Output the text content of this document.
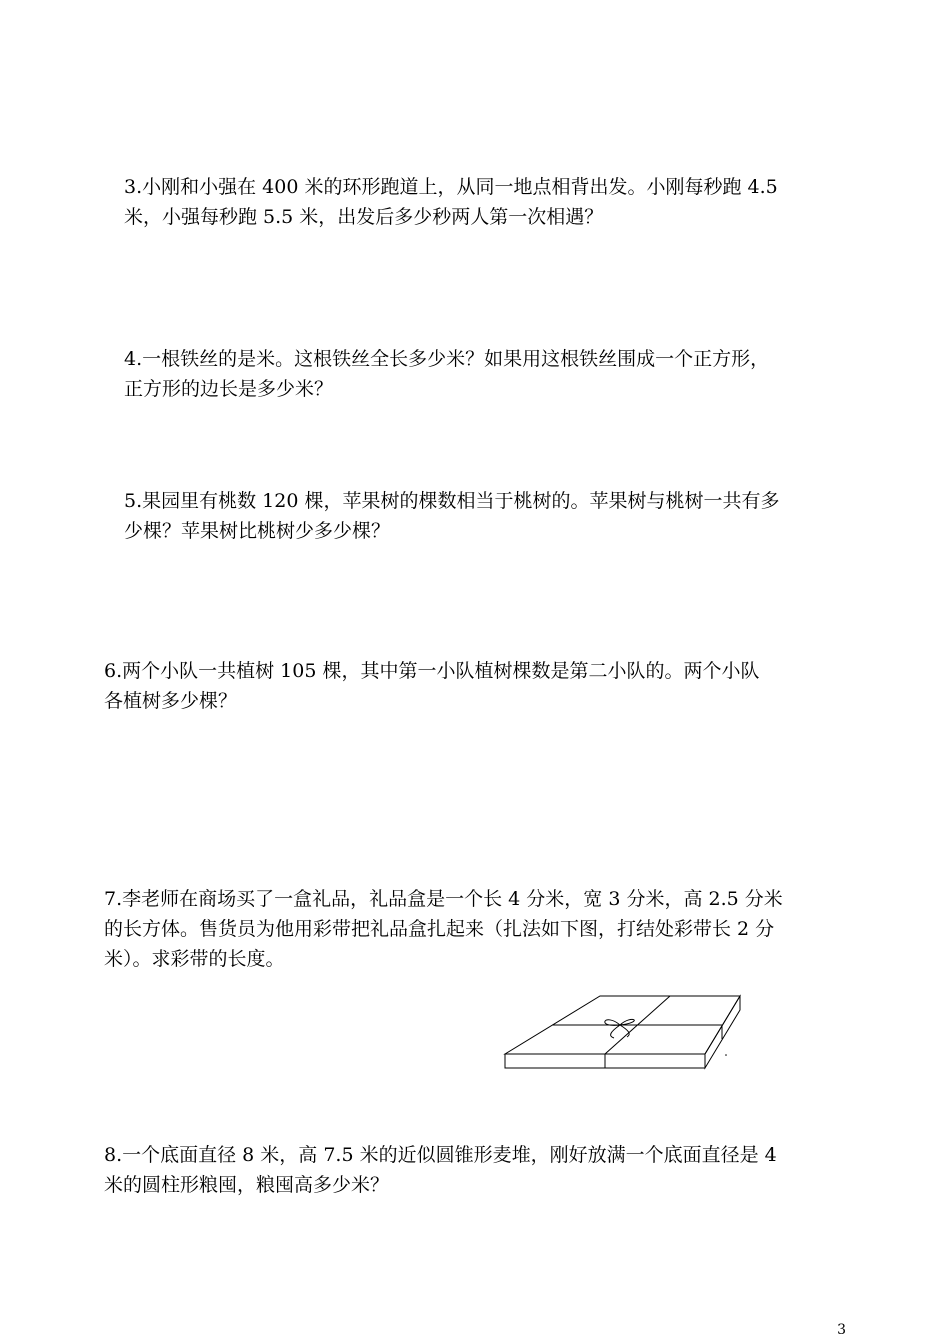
3.小刚和小强在 400 米的环形跑道上，从同一地点相背出发。小刚每秒跑 4.5
米，小强每秒跑 5.5 米，出发后多少秒两人第一次相遇？
4.一根铁丝的是米。这根铁丝全长多少米？如果用这根铁丝围成一个正方形，
正方形的边长是多少米？
5.果园里有桃数 120 棵，苹果树的棵数相当于桃树的。苹果树与桃树一共有多
少棵？苹果树比桃树少多少棵？
6.两个小队一共植树 105 棵，其中第一小队植树棵数是第二小队的。两个小队
各植树多少棵？
7.李老师在商场买了一盒礼品，礼品盒是一个长 4 分米，宽 3 分米，高 2.5 分米
的长方体。售货员为他用彩带把礼品盒扎起来（扎法如下图，打结处彩带长 2 分
米）。求彩带的长度。
8.一个底面直径 8 米，高 7.5 米的近似圆锥形麦堆，刚好放满一个底面直径是 4
米的圆柱形粮囤，粮囤高多少米？
3
